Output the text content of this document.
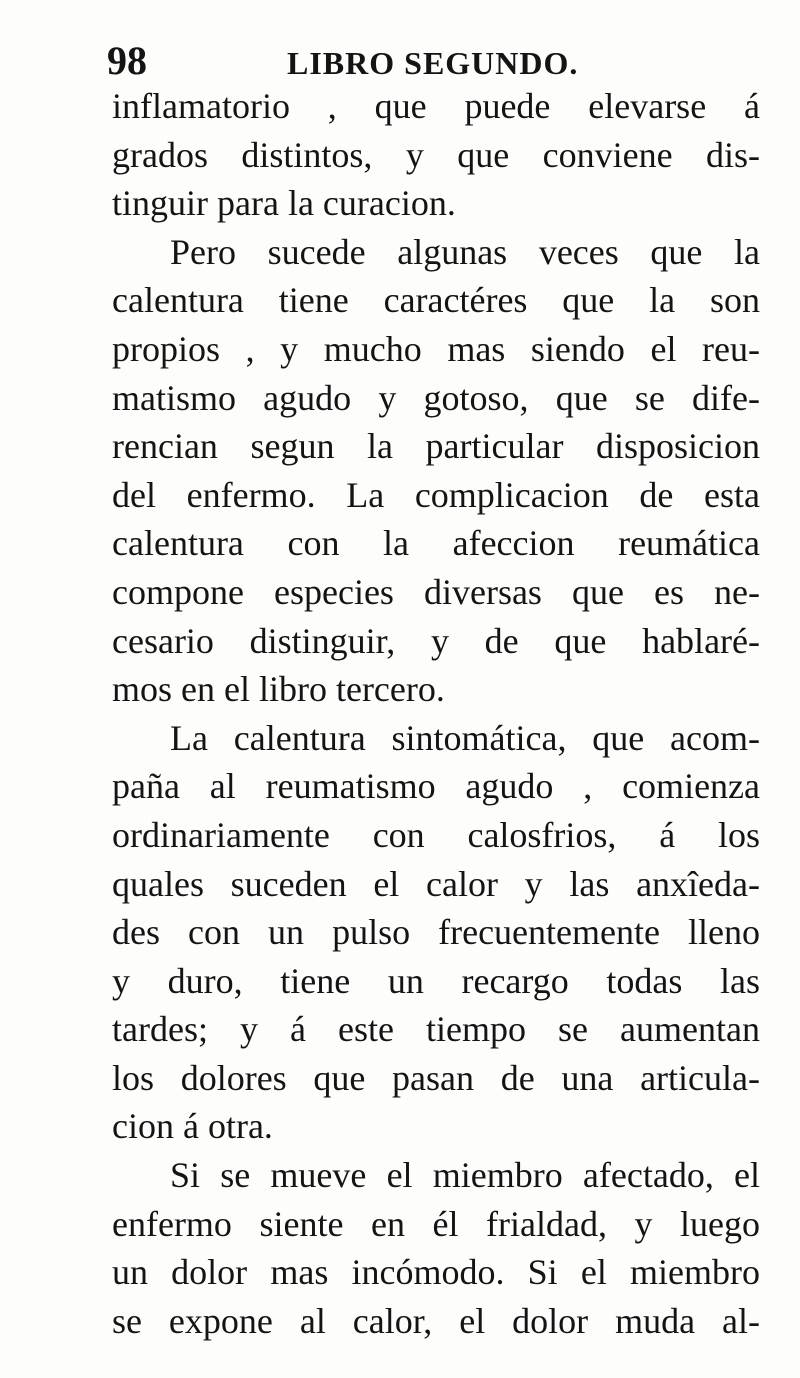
98	LIBRO SEGUNDO.
inflamatorio , que puede elevarse á
grados distintos, y que conviene dis-
tinguir para la curacion.
Pero sucede algunas veces que la
calentura tiene caractéres que la son
propios , y mucho mas siendo el reu-
matismo agudo y gotoso, que se dife-
rencian segun la particular disposicion
del enfermo. La complicacion de esta
calentura con la afeccion reumática
compone especies diversas que es ne-
cesario distinguir, y de que hablaré-
mos en el libro tercero.
La calentura sintomática, que acom-
paña al reumatismo agudo , comienza
ordinariamente con calosfrios, á los
quales suceden el calor y las anxîeda-
des con un pulso frecuentemente lleno
y duro, tiene un recargo todas las
tardes; y á este tiempo se aumentan
los dolores que pasan de una articula-
cion á otra.
Si se mueve el miembro afectado, el
enfermo siente en él frialdad, y luego
un dolor mas incómodo. Si el miembro
se expone al calor, el dolor muda al-
